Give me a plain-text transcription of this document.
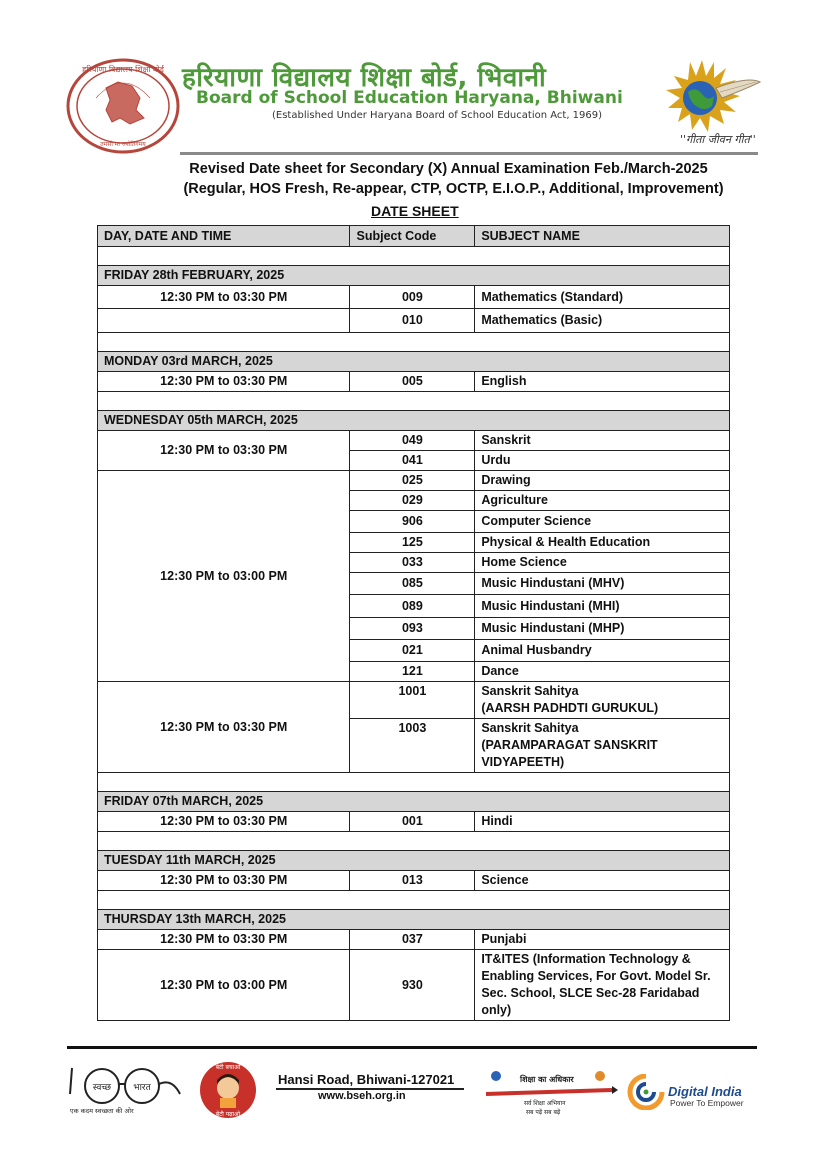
हरियाणा विद्यालय शिक्षा बोर्ड
तमसो मा ज्योतिर्गमय
हरियाणा विद्यालय शिक्षा बोर्ड, भिवानी
Board of School Education Haryana, Bhiwani
(Established Under Haryana Board of School Education Act, 1969)
''गीता जीवन गीत''
Revised Date sheet for Secondary (X) Annual Examination Feb./March-2025
(Regular, HOS Fresh, Re-appear, CTP, OCTP, E.I.O.P., Additional, Improvement)
DATE SHEET
DAY, DATE AND TIME	Subject Code	SUBJECT NAME

FRIDAY 28th FEBRUARY, 2025		
12:30 PM to 03:30 PM	009	Mathematics (Standard)
	010	Mathematics (Basic)

MONDAY 03rd MARCH, 2025		
12:30 PM to 03:30 PM	005	English

WEDNESDAY 05th MARCH, 2025		
12:30 PM to 03:30 PM	049	Sanskrit
	041	Urdu
12:30 PM to 03:00 PM	025	Drawing
	029	Agriculture
	906	Computer Science
	125	Physical & Health Education
	033	Home Science
	085	Music Hindustani (MHV)
	089	Music Hindustani (MHI)
	093	Music Hindustani (MHP)
	021	Animal Husbandry
	121	Dance
12:30 PM to 03:30 PM	1001	Sanskrit Sahitya
(AARSH PADHDTI GURUKUL)

	1003	Sanskrit Sahitya
(PARAMPARAGAT SANSKRIT
VIDYAPEETH)

FRIDAY 07th MARCH, 2025		
12:30 PM to 03:30 PM	001	Hindi

TUESDAY 11th MARCH, 2025		
12:30 PM to 03:30 PM	013	Science

THURSDAY 13th MARCH, 2025		
12:30 PM to 03:30 PM	037	Punjabi
12:30 PM to 03:00 PM	930	IT&ITES (Information Technology &
Enabling Services, For Govt. Model Sr.
Sec. School, SLCE Sec-28 Faridabad
only)
स्वच्छ भारत
एक कदम स्वच्छता की ओर
बेटी बचाओ
बेटी पढ़ाओ
Hansi Road, Bhiwani-127021
www.bseh.org.in
शिक्षा का अधिकार
सर्व शिक्षा अभियान
सब पढ़ें सब बढ़ें
Digital India
Power To Empower
